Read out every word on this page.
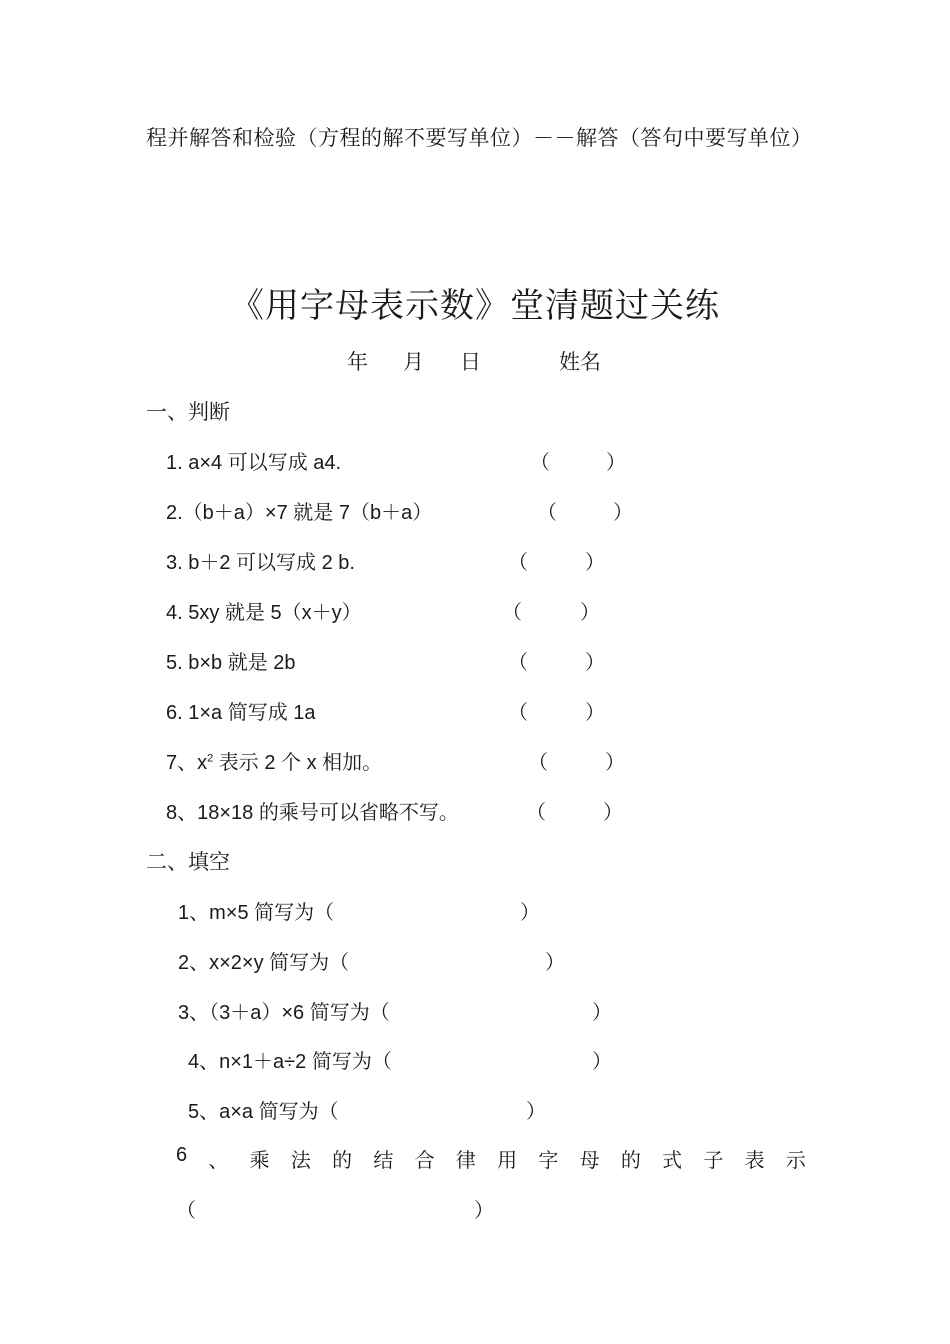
程并解答和检验（方程的解不要写单位）－－解答（答句中要写单位）
《用字母表示数》堂清题过关练
年 月 日	姓名
一、判断
1. a×4 可以写成 a4.	（	）
2.（b＋a）×7 就是 7（b＋a）	（	）
3. b＋2 可以写成 2 b.	（	）
4. 5xy 就是 5（x＋y）	（	）
5. b×b 就是 2b	（	）
6. 1×a 简写成 1a	（	）
7、$x^2$ 表示 2 个 x 相加。	（	）
8、18×18 的乘号可以省略不写。	（	）
二、填空
1、m×5 简写为（	）
2、x×2×y 简写为（	）
3、（3＋a）×6 简写为（	）
4、n×1＋a÷2 简写为（	）
5、a×a 简写为（	）
6 、 乘 法 的 结 合 律 用 字 母 的 式 子 表 示
（	）
